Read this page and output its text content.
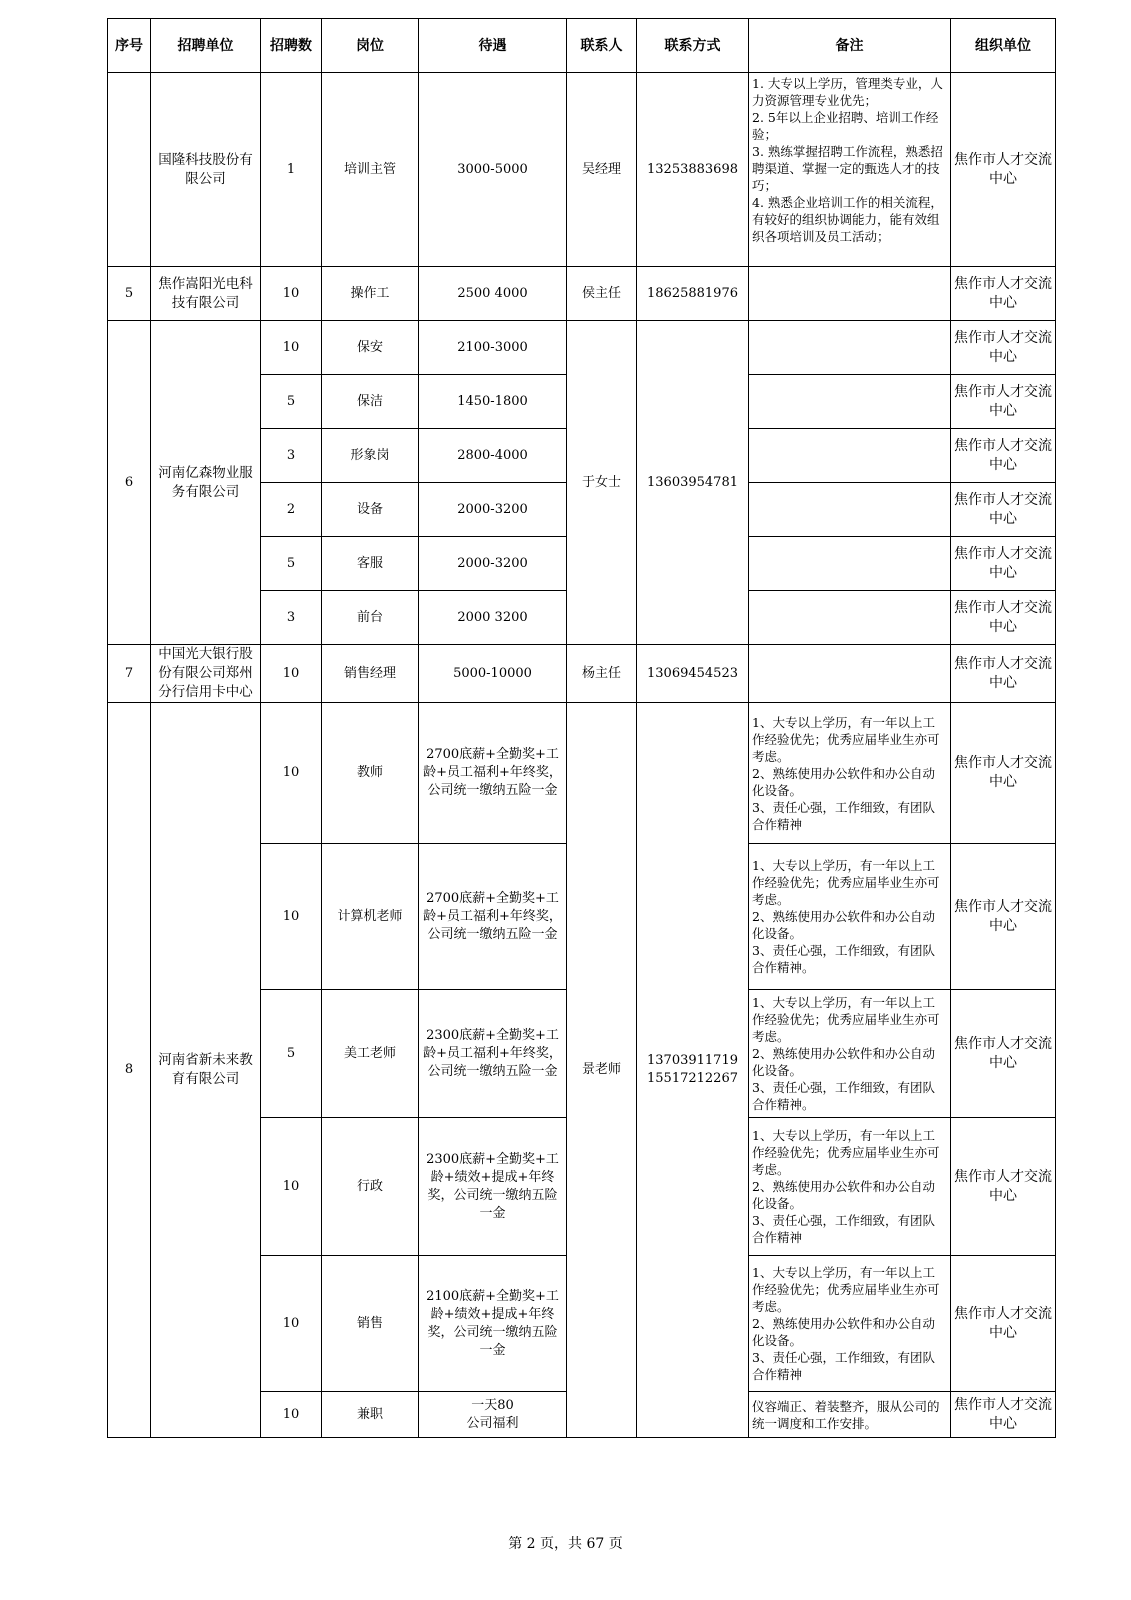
序号	招聘单位	招聘数	岗位	待遇	联系人	联系方式	备注	组织单位
	国隆科技股份有限公司	1	培训主管	3000-5000	吴经理	13253883698	1. 大专以上学历，管理类专业，人力资源管理专业优先；
2. 5年以上企业招聘、培训工作经验；
3. 熟练掌握招聘工作流程，熟悉招聘渠道、掌握一定的甄选人才的技巧；
4. 熟悉企业培训工作的相关流程，有较好的组织协调能力，能有效组织各项培训及员工活动；	焦作市人才交流中心
5	焦作嵩阳光电科技有限公司	10	操作工	2500 4000	侯主任	18625881976		焦作市人才交流中心
6	河南亿森物业服务有限公司	10	保安	2100-3000	于女士	13603954781		焦作市人才交流中心
		5	保洁	1450-1800				焦作市人才交流中心
		3	形象岗	2800-4000				焦作市人才交流中心
		2	设备	2000-3200				焦作市人才交流中心
		5	客服	2000-3200				焦作市人才交流中心
		3	前台	2000 3200				焦作市人才交流中心
7	中国光大银行股份有限公司郑州分行信用卡中心	10	销售经理	5000-10000	杨主任	13069454523		焦作市人才交流中心
8	河南省新未来教育有限公司	10	教师	2700底薪+全勤奖+工龄+员工福利+年终奖，公司统一缴纳五险一金	景老师	13703911719
15517212267	1、大专以上学历，有一年以上工作经验优先；优秀应届毕业生亦可考虑。
2、熟练使用办公软件和办公自动化设备。
3、责任心强，工作细致，有团队合作精神	焦作市人才交流中心
		10	计算机老师	2700底薪+全勤奖+工龄+员工福利+年终奖，公司统一缴纳五险一金			1、大专以上学历，有一年以上工作经验优先；优秀应届毕业生亦可考虑。
2、熟练使用办公软件和办公自动化设备。
3、责任心强，工作细致，有团队合作精神。	焦作市人才交流中心
		5	美工老师	2300底薪+全勤奖+工龄+员工福利+年终奖，公司统一缴纳五险一金			1、大专以上学历，有一年以上工作经验优先；优秀应届毕业生亦可考虑。
2、熟练使用办公软件和办公自动化设备。
3、责任心强，工作细致，有团队合作精神。	焦作市人才交流中心
		10	行政	2300底薪+全勤奖+工龄+绩效+提成+年终奖，公司统一缴纳五险一金			1、大专以上学历，有一年以上工作经验优先；优秀应届毕业生亦可考虑。
2、熟练使用办公软件和办公自动化设备。
3、责任心强，工作细致，有团队合作精神	焦作市人才交流中心
		10	销售	2100底薪+全勤奖+工龄+绩效+提成+年终奖，公司统一缴纳五险一金			1、大专以上学历，有一年以上工作经验优先；优秀应届毕业生亦可考虑。
2、熟练使用办公软件和办公自动化设备。
3、责任心强，工作细致，有团队合作精神	焦作市人才交流中心
		10	兼职	一天80
公司福利			仪容端正、着装整齐，服从公司的统一调度和工作安排。	焦作市人才交流中心
第 2 页，共 67 页
